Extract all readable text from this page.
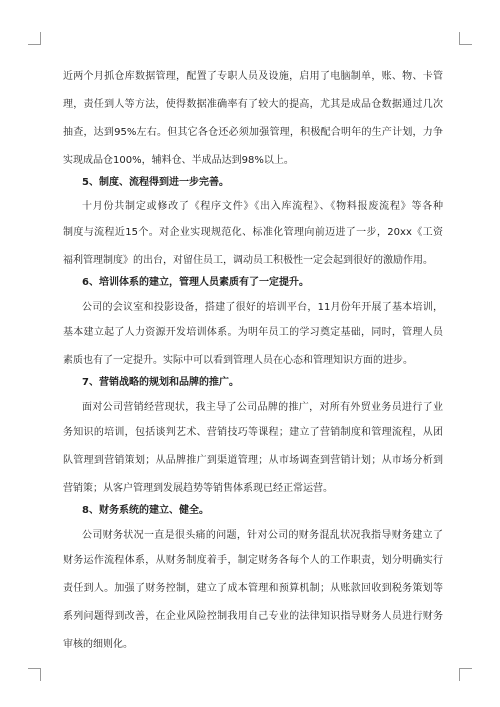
近两个月抓仓库数据管理，配置了专职人员及设施，启用了电脑制单，账、物、卡管
理，责任到人等方法，使得数据准确率有了较大的提高，尤其是成品仓数据通过几次
抽查，达到95%左右。但其它各仓还必须加强管理，积极配合明年的生产计划，力争
实现成品仓100%，辅料仓、半成品达到98%以上。
5、制度、流程得到进一步完善。
十月份共制定或修改了《程序文件》《出入库流程》、《物料报废流程》等各种
制度与流程近15个。对企业实现规范化、标准化管理向前迈进了一步，20xx《工资
福利管理制度》的出台，对留住员工，调动员工积极性一定会起到很好的激励作用。
6、培训体系的建立，管理人员素质有了一定提升。
公司的会议室和投影设备，搭建了很好的培训平台，11月份年开展了基本培训，
基本建立起了人力资源开发培训体系。为明年员工的学习奠定基础，同时，管理人员
素质也有了一定提升。实际中可以看到管理人员在心态和管理知识方面的进步。
7、营销战略的规划和品牌的推广。
面对公司营销经营现状，我主导了公司品牌的推广，对所有外贸业务员进行了业
务知识的培训，包括谈判艺术、营销技巧等课程；建立了营销制度和管理流程，从团
队管理到营销策划；从品牌推广到渠道管理；从市场调查到营销计划；从市场分析到
营销策；从客户管理到发展趋势等销售体系现已经正常运营。
8、财务系统的建立、健全。
公司财务状况一直是很头痛的问题，针对公司的财务混乱状况我指导财务建立了
财务运作流程体系，从财务制度着手，制定财务各每个人的工作职责，划分明确实行
责任到人。加强了财务控制，建立了成本管理和预算机制；从账款回收到税务策划等
系列问题得到改善，在企业风险控制我用自己专业的法律知识指导财务人员进行财务
审核的细则化。
